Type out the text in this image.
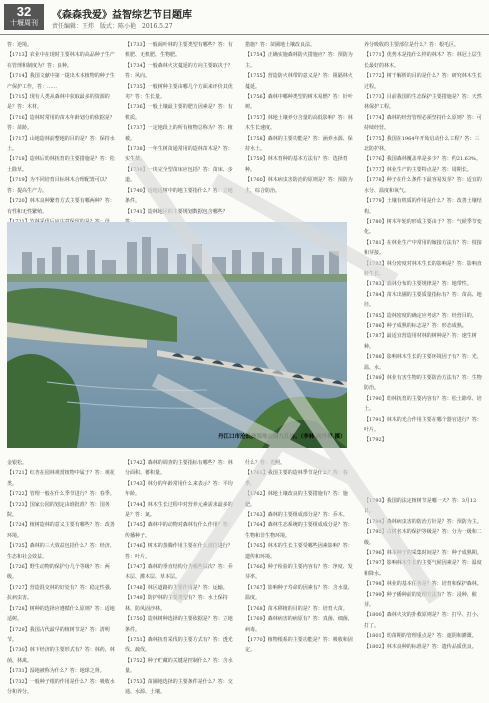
32
十堰周刊
《森森我爱》益智综艺节目题库
责任编辑：王炜　版式：陈小艳　2016.5.27

答：逆境。

【1713】农业中在现时主要林木的高品种子生产在管理和制度为？答：良种。

【1714】我国文献中第一提出木本植物的种子生产保护工作，答：……

【1715】现有人类从森林中获取最多的资源的是？答：木材。

【1716】造林时常用的苗木年龄划分的依据是？答：苗龄。

【1717】山地造林前整地的目的是？答：保持水土。

【1718】造林后幼林抚育的主要措施是？答：松土除草。

【1719】为不同培育目标林木合理配置可以？答：提高生产力。

【1720】林木良种繁育方式主要有哪两种？答：有性和无性繁殖。

【1733】一般阔叶林的主要类型有哪些？答：有机肥、无机肥、生物肥。

【1734】一般森林火灾蔓延的方向主要取决于？答：风向。

【1735】一般树种主要由哪几个方面来评价其优劣？答：生长量。

【1736】一般土壤最主要的肥力因素是？答：有机质。

【1737】一定地段上的所有植物总称为？答：植被。

【1738】一年生树苗通常用的造林苗木是？答：实生苗。

【1739】一块完全型苗床应包括？答：苗床、步道。

【1740】适地适树中的地主要指什么？答：立地条件。

【1741】造林地区的主要规划数据包含哪些？

措施？答：苗圃地土壤改良法。

【1754】正确实施森林防火措施应？答：预防为主。

【1755】营造防火林带的意义是？答：阻隔林火蔓延。

【1756】森林中哪种类型的树木易燃？答：针叶树。

【1757】林地土壤养分含量的高低影响？答：林木生长速度。

【1758】森林的主要功能是？答：涵养水源、保持水土。

【1759】林木育种的基本方法有？答：选择育种。

【1760】林木病虫害防治的原则是？答：预防为主，综合防治。

养分吸收的主要部位是什么？答：根毛区。

【1771】优势木是指什么样的林木？答：林冠上层生长最好的林木。

【1772】树干解析的目的是什么？答：研究林木生长过程。

【1773】目前我国的生态保护主要措施是？答：天然林保护工程。

【1774】森林的经营管理必须坚持什么原则？答：可持续经营。

【1775】我国在1964年开始启动什么工程？答：三北防护林。

【1776】我国森林覆盖率是多少？答：约21.63%。

【1777】林业生产的主要特点是？答：周期长。

【1778】种子在什么条件下最容易发芽？答：适宜的水分、温度和氧气。

【1779】土壤有机质的作用是什么？答：改善土壤结构。

【1780】树木年轮的形成主要由于？答：气候季节变化。

【1781】在林业生产中常用的嫁接方法有？答：枝接和芽接。

【1782】林分密度对林木生长的影响是？答：影响直径生长。

【1783】森林分布的主要规律是？答：地带性。

【1784】苗木出圃的主要质量指标有？答：苗高、地径。

【1785】造林密度的确定应考虑？答：经营目的。

【1786】种子成熟的标志是？答：形态成熟。

【1787】最适宜营造用材林的树种是？答：速生树种。

【1788】影响林木生长的主要环境因子有？答：光、温、水。

【1789】林业有害生物的主要防治方法有？答：生物防治。

【1790】幼林抚育的主要内容有？答：松土除草、培土。

【1791】林木的光合作用主要在哪个器官进行？答：叶片。

【1792】

丹江口市沧浪洲湿地公园九孔桥。（李林 向丹梅 摄）

金银松。

【1721】红杏在园林观赏植物中属于？答：观花类。

【1722】管理一般在什么季节进行？答：春季。

【1723】国家公园的划定由谁批准？答：国务院。

【1724】植树造林的意义主要有哪些？答：改善环境。

【1725】森林的三大效益包括什么？答：经济、生态和社会效益。

【1726】野生动物的保护分几个等级？答：两级。

【1727】营造混交林的好处有？答：稳定性强、抗病虫害。

【1728】树种的选择应遵循什么原则？答：适地适树。

【1729】我国古代最早的植树节是？答：清明节。

【1730】林下经济的主要形式有？答：林药、林菌、林禽。

【1731】湿地被称为什么？答：地球之肾。

【1732】一般种子根的作用是什么？答：吸收水分和养分。

【1742】森林的调查的主要指标有哪些？答：林分面积、蓄积量。

【1743】林分的年龄常用什么来表示？答：平均年龄。

【1744】林木生长过程中对营养元素需求最多的是？答：氮。

【1745】森林中的动物对森林有什么作用？答：传播种子。

【1746】树木的蒸腾作用主要在什么部位进行？答：叶片。

【1747】森林的垂直结构分为哪些层次？答：乔木层、灌木层、草本层。

【1748】林区道路的主要作用是？答：运输。

【1749】防护林的主要类型有？答：水土保持林、防风固沙林。

【1750】造林树种选择的主要依据是？答：立地条件。

【1751】森林抚育采伐的主要方式有？答：透光伐、疏伐。

【1752】种子贮藏的关键是控制什么？答：含水量。

【1753】苗圃地选择的主要条件是什么？答：交通、水源、土壤。

什么？答：光照。

【1761】我国主要的造林季节是什么？答：春季。

【1762】林地土壤改良的主要措施有？答：施肥。

【1763】森林的主要组成部分是？答：乔木。

【1764】森林生态系统的主要组成成分是？答：生物和非生物环境。

【1765】林木的生长主要受哪些因素影响？答：遗传和环境。

【1766】种子检验的主要内容有？答：净度、发芽率。

【1767】影响种子寿命的因素有？答：含水量、温度。

【1768】苗木移植的目的是？答：培育大苗。

【1769】森林病害的病原有？答：真菌、细菌、病毒。

【1770】植物根系的主要功能是？答：吸收和固定。

【1793】我国的法定植树节是哪一天？答：3月12日。

【1794】森林病虫害的防治方针是？答：预防为主。

【1795】古树名木的保护等级是？答：分为一级和二级。

【1796】林木种子的采集时间是？答：种子成熟期。

【1797】影响林木生长的主要气候因素是？答：温度和降水。

【1798】林业的基本任务是？答：培育和保护森林。

【1799】种子播种前的处理方法有？答：浸种、催芽。

【1800】森林火灾的扑救原则是？答：打早、打小、打了。

【1801】幼苗期的管理重点是？答：遮阴和灌溉。

【1802】林木良种的标准是？答：遗传品质优良。
